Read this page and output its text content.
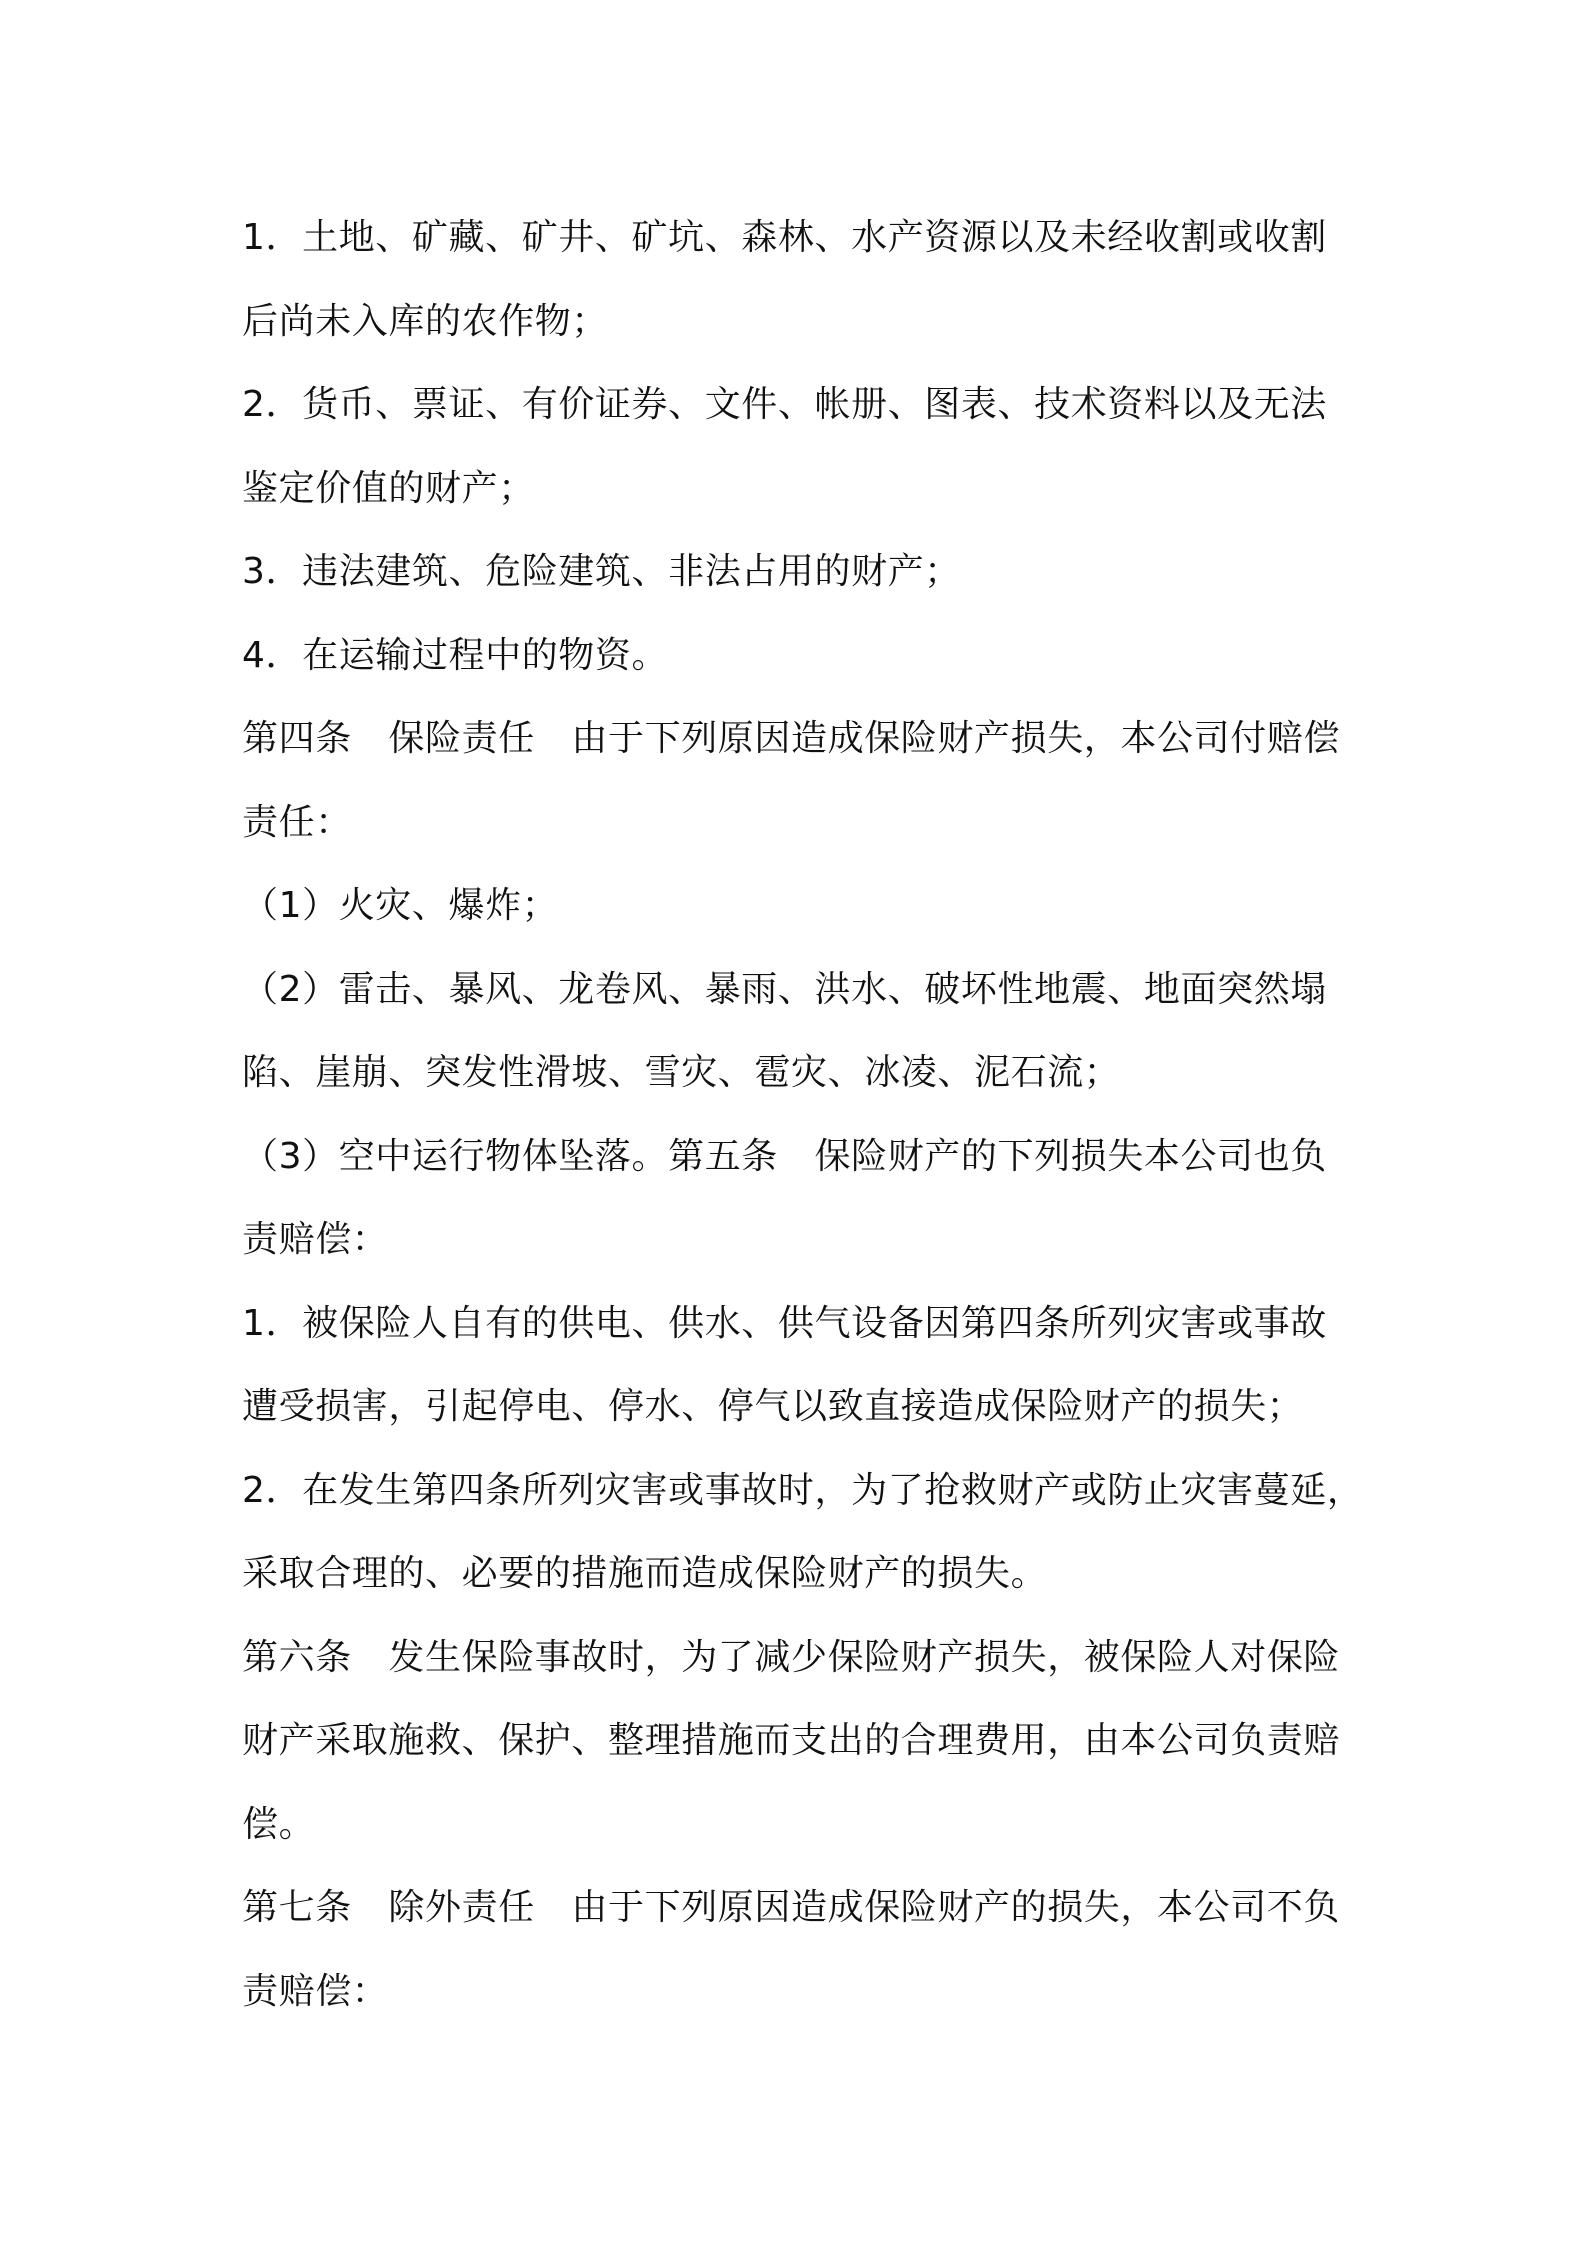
1．土地、矿藏、矿井、矿坑、森林、水产资源以及未经收割或收割
后尚未入库的农作物；
2．货币、票证、有价证券、文件、帐册、图表、技术资料以及无法
鉴定价值的财产；
3．违法建筑、危险建筑、非法占用的财产；
4．在运输过程中的物资。
第四条　保险责任　由于下列原因造成保险财产损失，本公司付赔偿
责任：
（1）火灾、爆炸；
（2）雷击、暴风、龙卷风、暴雨、洪水、破坏性地震、地面突然塌
陷、崖崩、突发性滑坡、雪灾、雹灾、冰凌、泥石流；
（3）空中运行物体坠落。第五条　保险财产的下列损失本公司也负
责赔偿：
1．被保险人自有的供电、供水、供气设备因第四条所列灾害或事故
遭受损害，引起停电、停水、停气以致直接造成保险财产的损失；
2．在发生第四条所列灾害或事故时，为了抢救财产或防止灾害蔓延，
采取合理的、必要的措施而造成保险财产的损失。
第六条　发生保险事故时，为了减少保险财产损失，被保险人对保险
财产采取施救、保护、整理措施而支出的合理费用，由本公司负责赔
偿。
第七条　除外责任　由于下列原因造成保险财产的损失，本公司不负
责赔偿：
